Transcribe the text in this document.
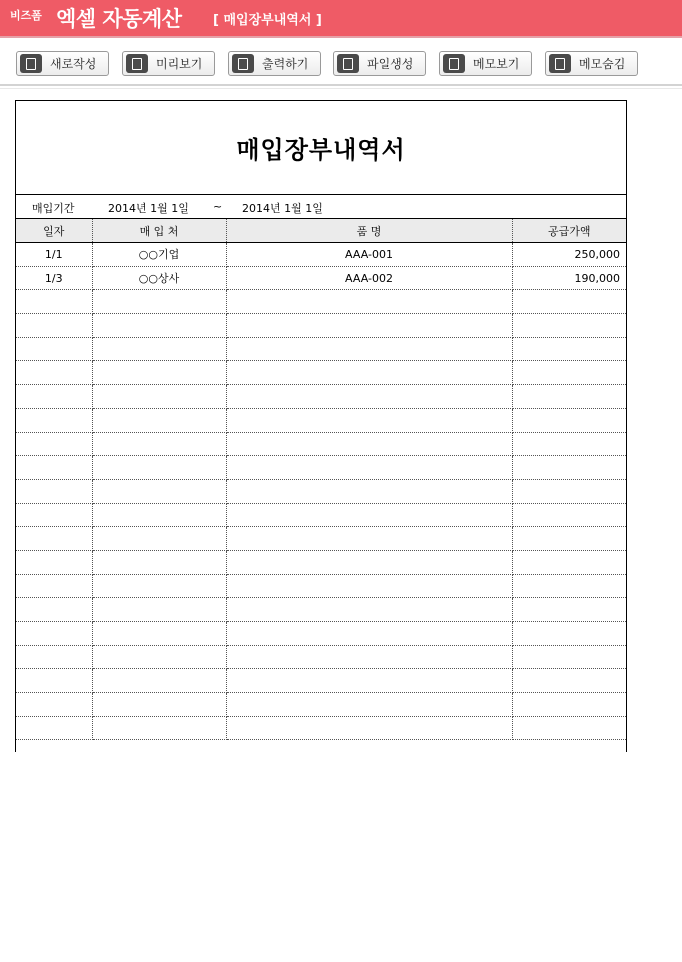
비즈폼 엑셀 자동계산 [ 매입장부내역서 ]
새로작성	미리보기	출력하기	파일생성	메모보기	메모숨김
매입장부내역서
매입기간	2014년 1월 1일 ~ 2014년 1월 1일
일자	매 입 처	품 명	공급가액
1/1	○○기업	AAA-001	250,000
1/3	○○상사	AAA-002	190,000
